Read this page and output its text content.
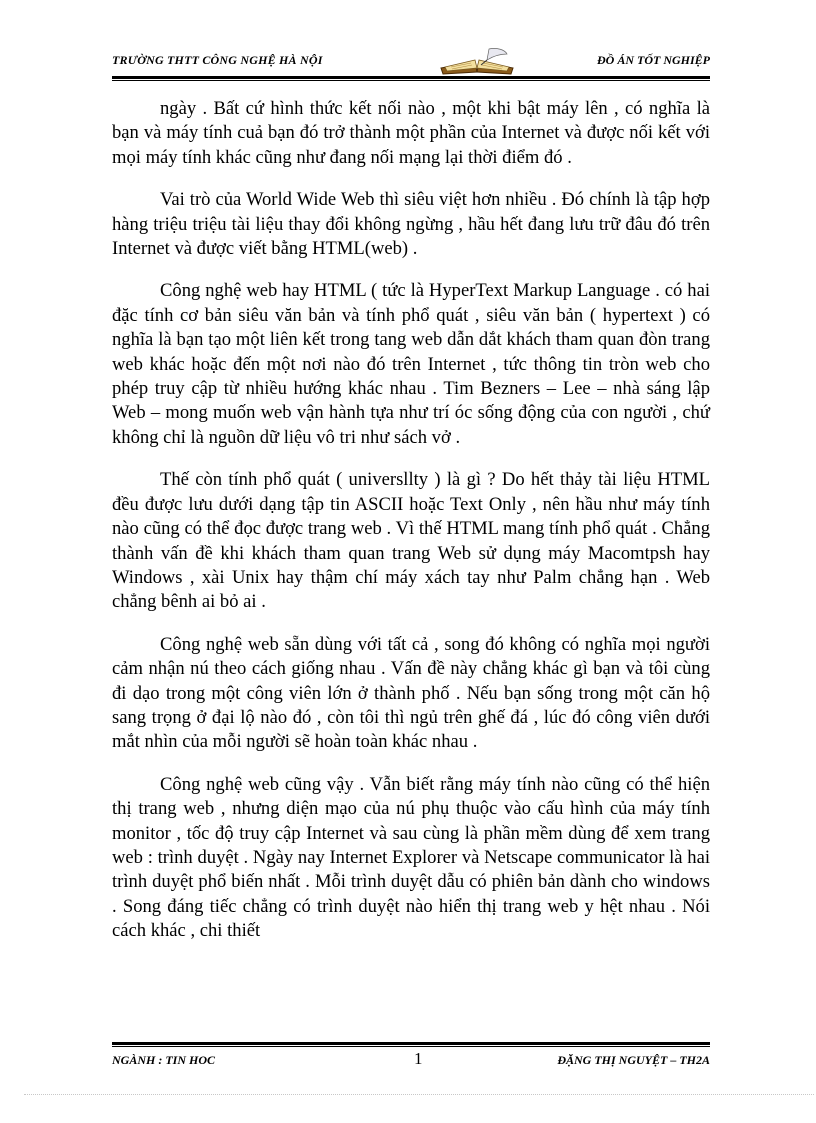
TRƯỜNG THTT CÔNG NGHỆ HÀ NỘI	ĐỒ ÁN TỐT NGHIỆP

ngày . Bất cứ hình thức kết nối nào , một khi bật máy lên , có nghĩa là bạn và máy tính cuả bạn đó trở thành một phần của Internet và được nối kết với mọi máy tính khác cũng như đang nối mạng lại thời điểm đó .

Vai trò của World Wide Web thì siêu việt hơn nhiều . Đó chính là tập hợp hàng triệu triệu tài liệu thay đổi không ngừng , hầu hết đang lưu trữ đâu đó trên Internet và được viết bằng HTML(web) .

Công nghệ web hay HTML ( tức là HyperText Markup Language . có hai đặc tính cơ bản siêu văn bản và tính phổ quát , siêu văn bản ( hypertext ) có nghĩa là bạn tạo một liên kết trong tang web dẫn dắt khách tham quan đòn trang web khác hoặc đến một nơi nào đó trên Internet , tức thông tin tròn web cho phép truy cập từ nhiều hướng khác nhau . Tim Bezners – Lee – nhà sáng lập Web – mong muốn web vận hành tựa như trí óc sống động của con người , chứ không chỉ là nguồn dữ liệu vô tri như sách vở .

Thế còn tính phổ quát ( universllty ) là gì ? Do hết thảy tài liệu HTML đều được lưu dưới dạng tập tin ASCII hoặc Text Only , nên hầu như máy tính nào cũng có thể đọc được trang web . Vì thế HTML mang tính phổ quát . Chẳng thành vấn đề khi khách tham quan trang Web sử dụng máy Macomtpsh hay Windows , xài Unix hay thậm chí máy xách tay như Palm chẳng hạn . Web chẳng bênh ai bỏ ai .

Công nghệ web sẵn dùng với tất cả , song đó không có nghĩa mọi người cảm nhận nú theo cách giống nhau . Vấn đề này chẳng khác gì bạn và tôi cùng đi dạo trong một công viên lớn ở thành phố . Nếu bạn sống trong một căn hộ sang trọng ở đại lộ nào đó , còn tôi thì ngủ trên ghế đá , lúc đó công viên dưới mắt nhìn của mỗi người sẽ hoàn toàn khác nhau .

Công nghệ web cũng vậy . Vẫn biết rằng máy tính nào cũng có thể hiện thị trang web , nhưng diện mạo của nú phụ thuộc vào cấu hình của máy tính monitor , tốc độ truy cập Internet và sau cùng là phần mềm dùng để xem trang web : trình duyệt . Ngày nay Internet Explorer và Netscape communicator là hai trình duyệt phổ biến nhất . Mỗi trình duyệt dẫu có phiên bản dành cho windows . Song đáng tiếc chẳng có trình duyệt nào hiển thị trang web y hệt nhau . Nói cách khác , chi thiết

NGÀNH : TIN HOC	1	ĐẶNG THỊ NGUYỆT – TH2A
